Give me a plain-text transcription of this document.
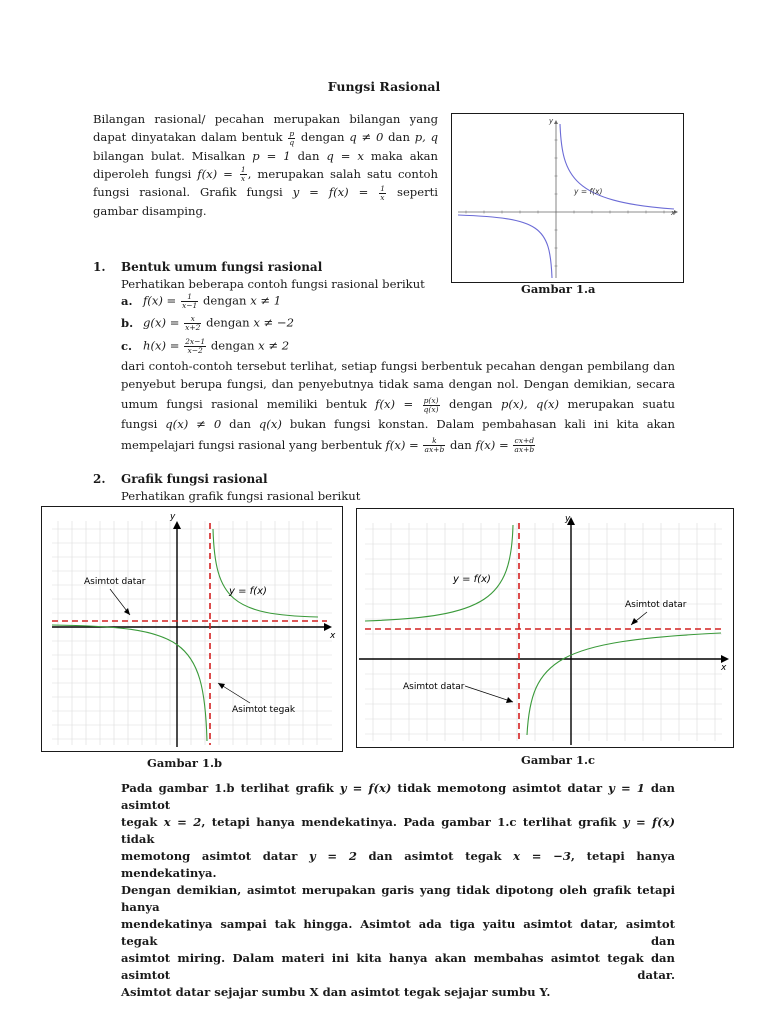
Fungsi Rasional
Bilangan rasional/ pecahan merupakan bilangan yang
dapat dinyatakan dalam bentuk $\frac{p}{q}$ dengan q ≠ 0 dan p, q
bilangan bulat. Misalkan p = 1 dan q = x maka akan
diperoleh fungsi $f(x) = \frac{1}{x}$ , merupakan salah satu contoh
fungsi rasional. Grafik fungsi $y = f(x) = \frac{1}{x}$ seperti
gambar disamping.
y = f(x)
x
y
Gambar 1.a
1. Bentuk umum fungsi rasional
Perhatikan beberapa contoh fungsi rasional berikut
a. $f(x) = \frac{1}{x-1}$ dengan x ≠ 1
b. $g(x) = \frac{x}{x+2}$ dengan x ≠ −2
c. $h(x) = \frac{2x-1}{x-2}$ dengan x ≠ 2
dari contoh-contoh tersebut terlihat, setiap fungsi berbentuk pecahan dengan pembilang dan
penyebut berupa fungsi, dan penyebutnya tidak sama dengan nol. Dengan demikian, secara
umum fungsi rasional memiliki bentuk $f(x) = \frac{p(x)}{q(x)}$ dengan p(x), q(x) merupakan suatu
fungsi q(x) ≠ 0 dan q(x) bukan fungsi konstan. Dalam pembahasan kali ini kita akan
mempelajari fungsi rasional yang berbentuk $f(x) = \frac{k}{ax+b}$ dan $f(x) = \frac{cx+d}{ax+b}$
2. Grafik fungsi rasional
Perhatikan grafik fungsi rasional berikut
y = f(x)
Asimtot datar
Asimtot tegak
x
y
Gambar 1.b
y = f(x)
Asimtot datar
Asimtot datar
x
y
Gambar 1.c
Pada gambar 1.b terlihat grafik y = f(x) tidak memotong asimtot datar y = 1 dan asimtot
tegak x = 2, tetapi hanya mendekatinya. Pada gambar 1.c terlihat grafik y = f(x) tidak
memotong asimtot datar y = 2 dan asimtot tegak x = −3, tetapi hanya mendekatinya.
Dengan demikian, asimtot merupakan garis yang tidak dipotong oleh grafik tetapi hanya
mendekatinya sampai tak hingga. Asimtot ada tiga yaitu asimtot datar, asimtot tegak dan
asimtot miring. Dalam materi ini kita hanya akan membahas asimtot tegak dan asimtot datar.
Asimtot datar sejajar sumbu X dan asimtot tegak sejajar sumbu Y.
